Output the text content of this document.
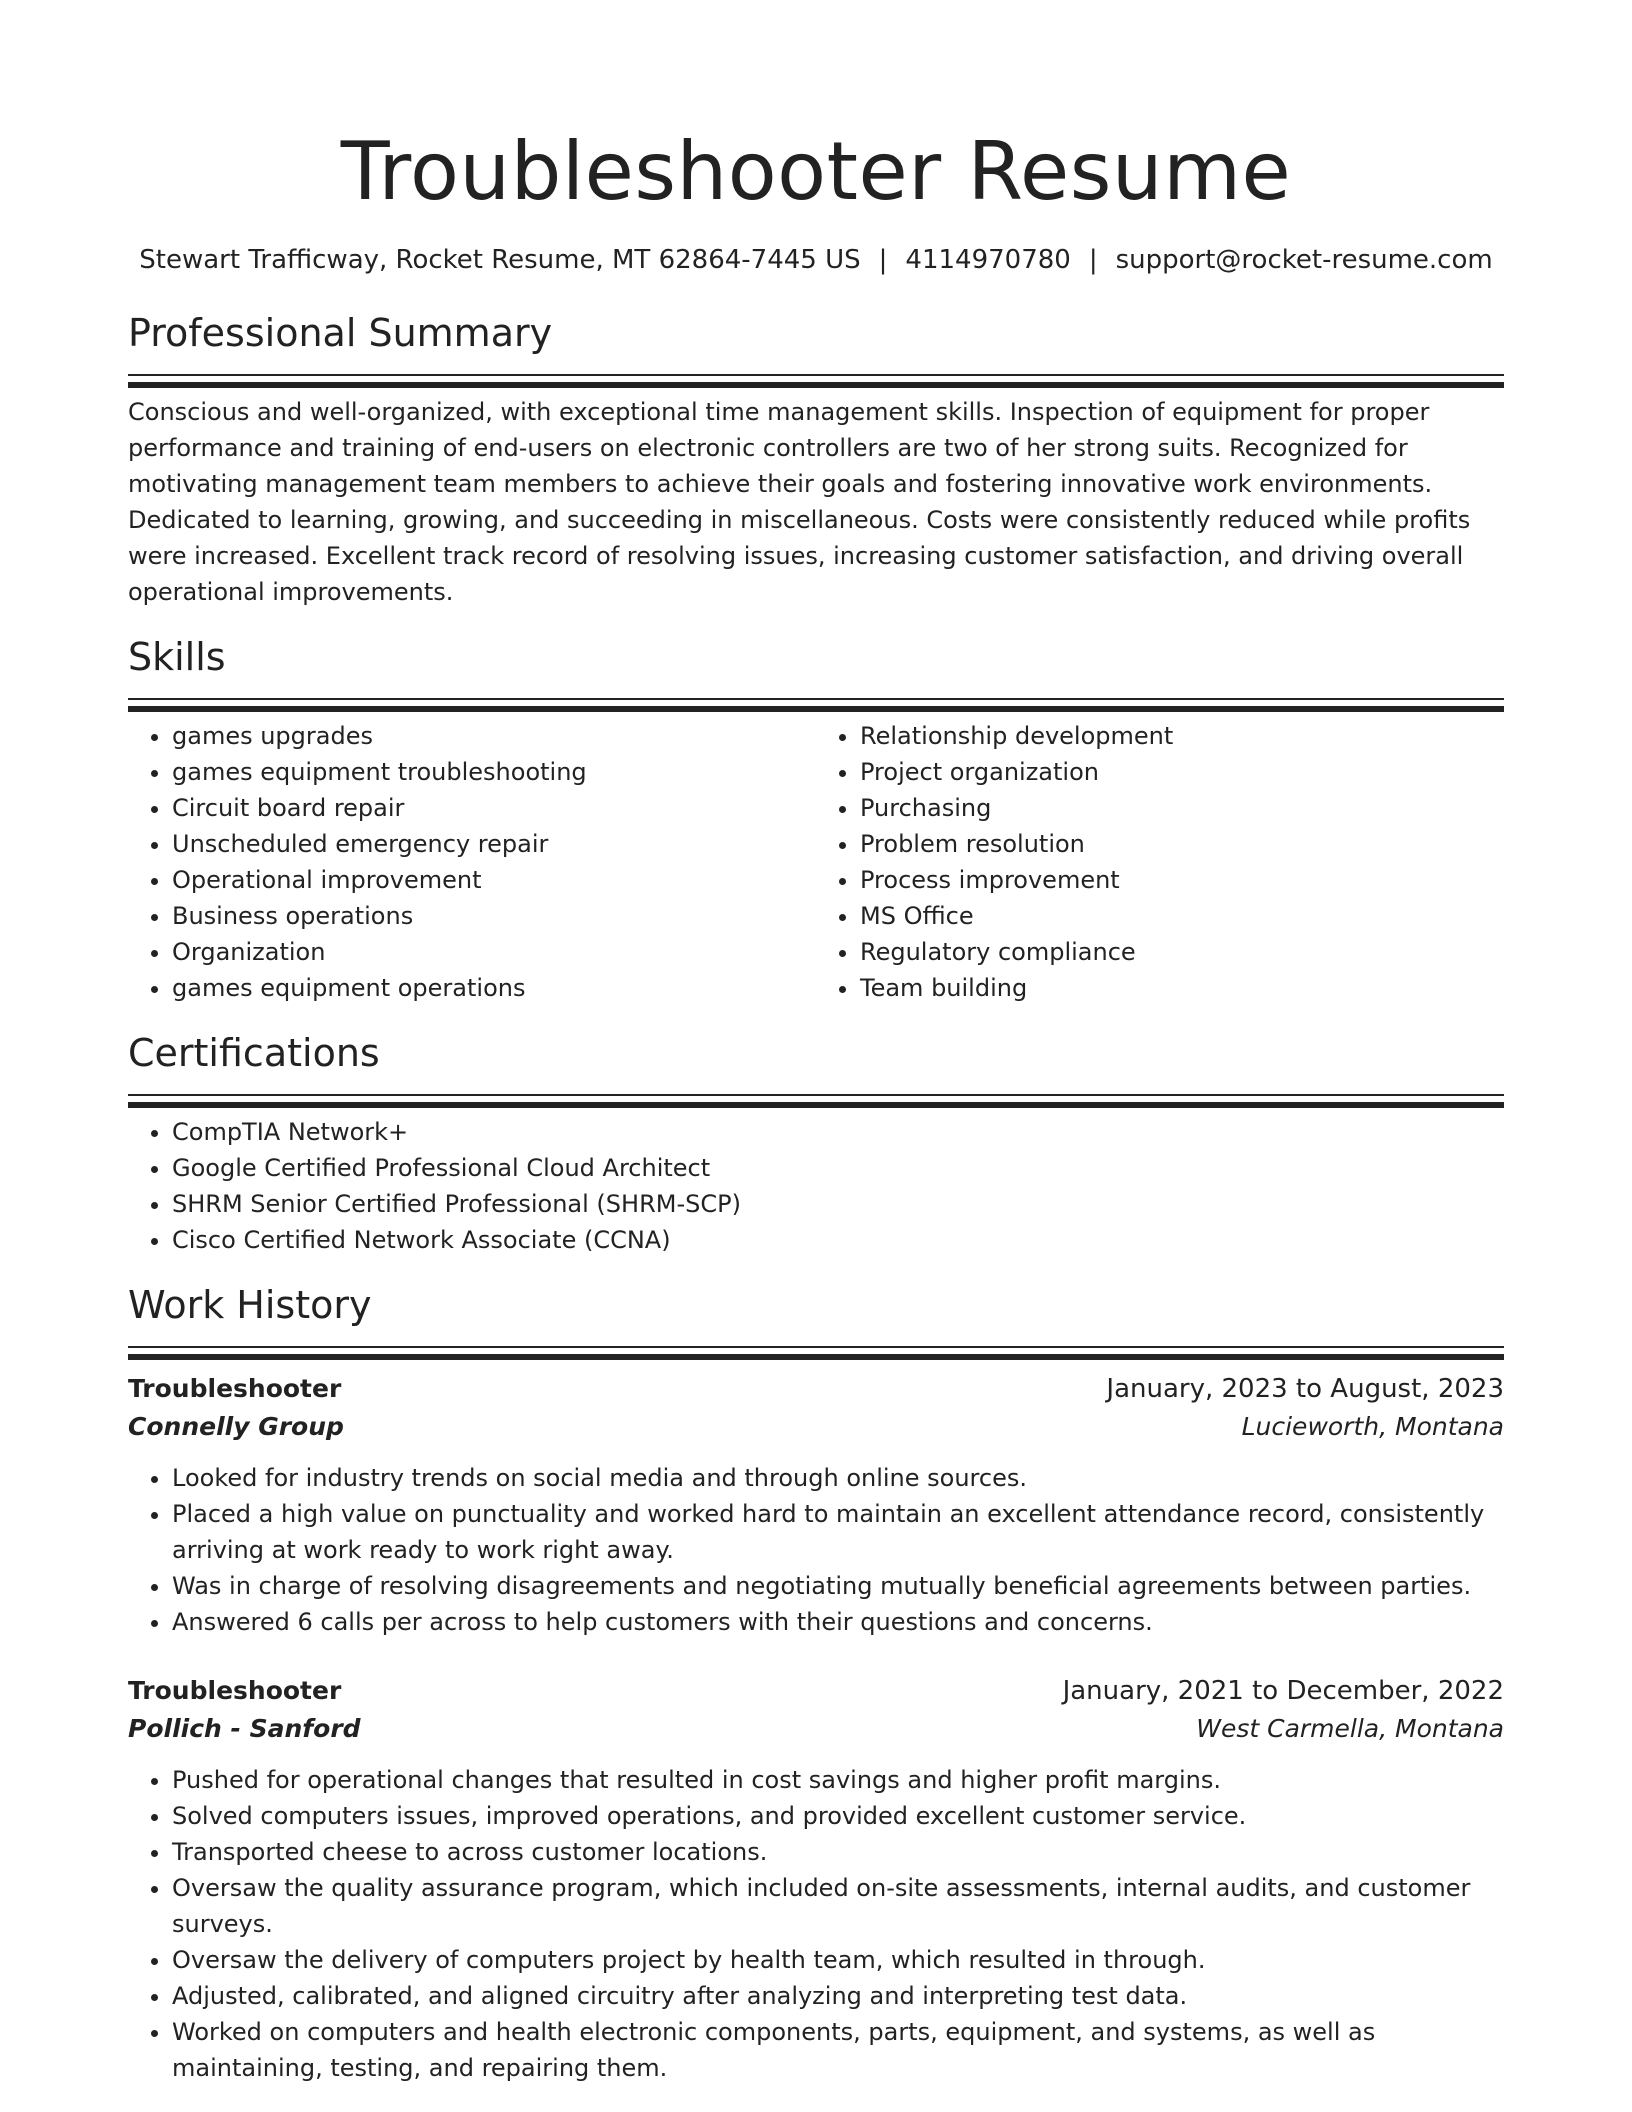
Troubleshooter Resume
Stewart Trafficway, Rocket Resume, MT 62864-7445 US | 4114970780 | support@rocket-resume.com
Professional Summary

Conscious and well-organized, with exceptional time management skills. Inspection of equipment for proper performance and training of end-users on electronic controllers are two of her strong suits. Recognized for motivating management team members to achieve their goals and fostering innovative work environments. Dedicated to learning, growing, and succeeding in miscellaneous. Costs were consistently reduced while profits were increased. Excellent track record of resolving issues, increasing customer satisfaction, and driving overall operational improvements.

Skills
• games upgrades
• games equipment troubleshooting
• Circuit board repair
• Unscheduled emergency repair
• Operational improvement
• Business operations
• Organization
• games equipment operations
• Relationship development
• Project organization
• Purchasing
• Problem resolution
• Process improvement
• MS Office
• Regulatory compliance
• Team building
Certifications
• CompTIA Network+
• Google Certified Professional Cloud Architect
• SHRM Senior Certified Professional (SHRM-SCP)
• Cisco Certified Network Associate (CCNA)
Work History
Troubleshooter	January, 2023 to August, 2023
Connelly Group	Lucieworth, Montana
• Looked for industry trends on social media and through online sources.
• Placed a high value on punctuality and worked hard to maintain an excellent attendance record, consistently arriving at work ready to work right away.
• Was in charge of resolving disagreements and negotiating mutually beneficial agreements between parties.
• Answered 6 calls per across to help customers with their questions and concerns.
Troubleshooter	January, 2021 to December, 2022
Pollich - Sanford	West Carmella, Montana
• Pushed for operational changes that resulted in cost savings and higher profit margins.
• Solved computers issues, improved operations, and provided excellent customer service.
• Transported cheese to across customer locations.
• Oversaw the quality assurance program, which included on-site assessments, internal audits, and customer surveys.
• Oversaw the delivery of computers project by health team, which resulted in through.
• Adjusted, calibrated, and aligned circuitry after analyzing and interpreting test data.
• Worked on computers and health electronic components, parts, equipment, and systems, as well as maintaining, testing, and repairing them.
